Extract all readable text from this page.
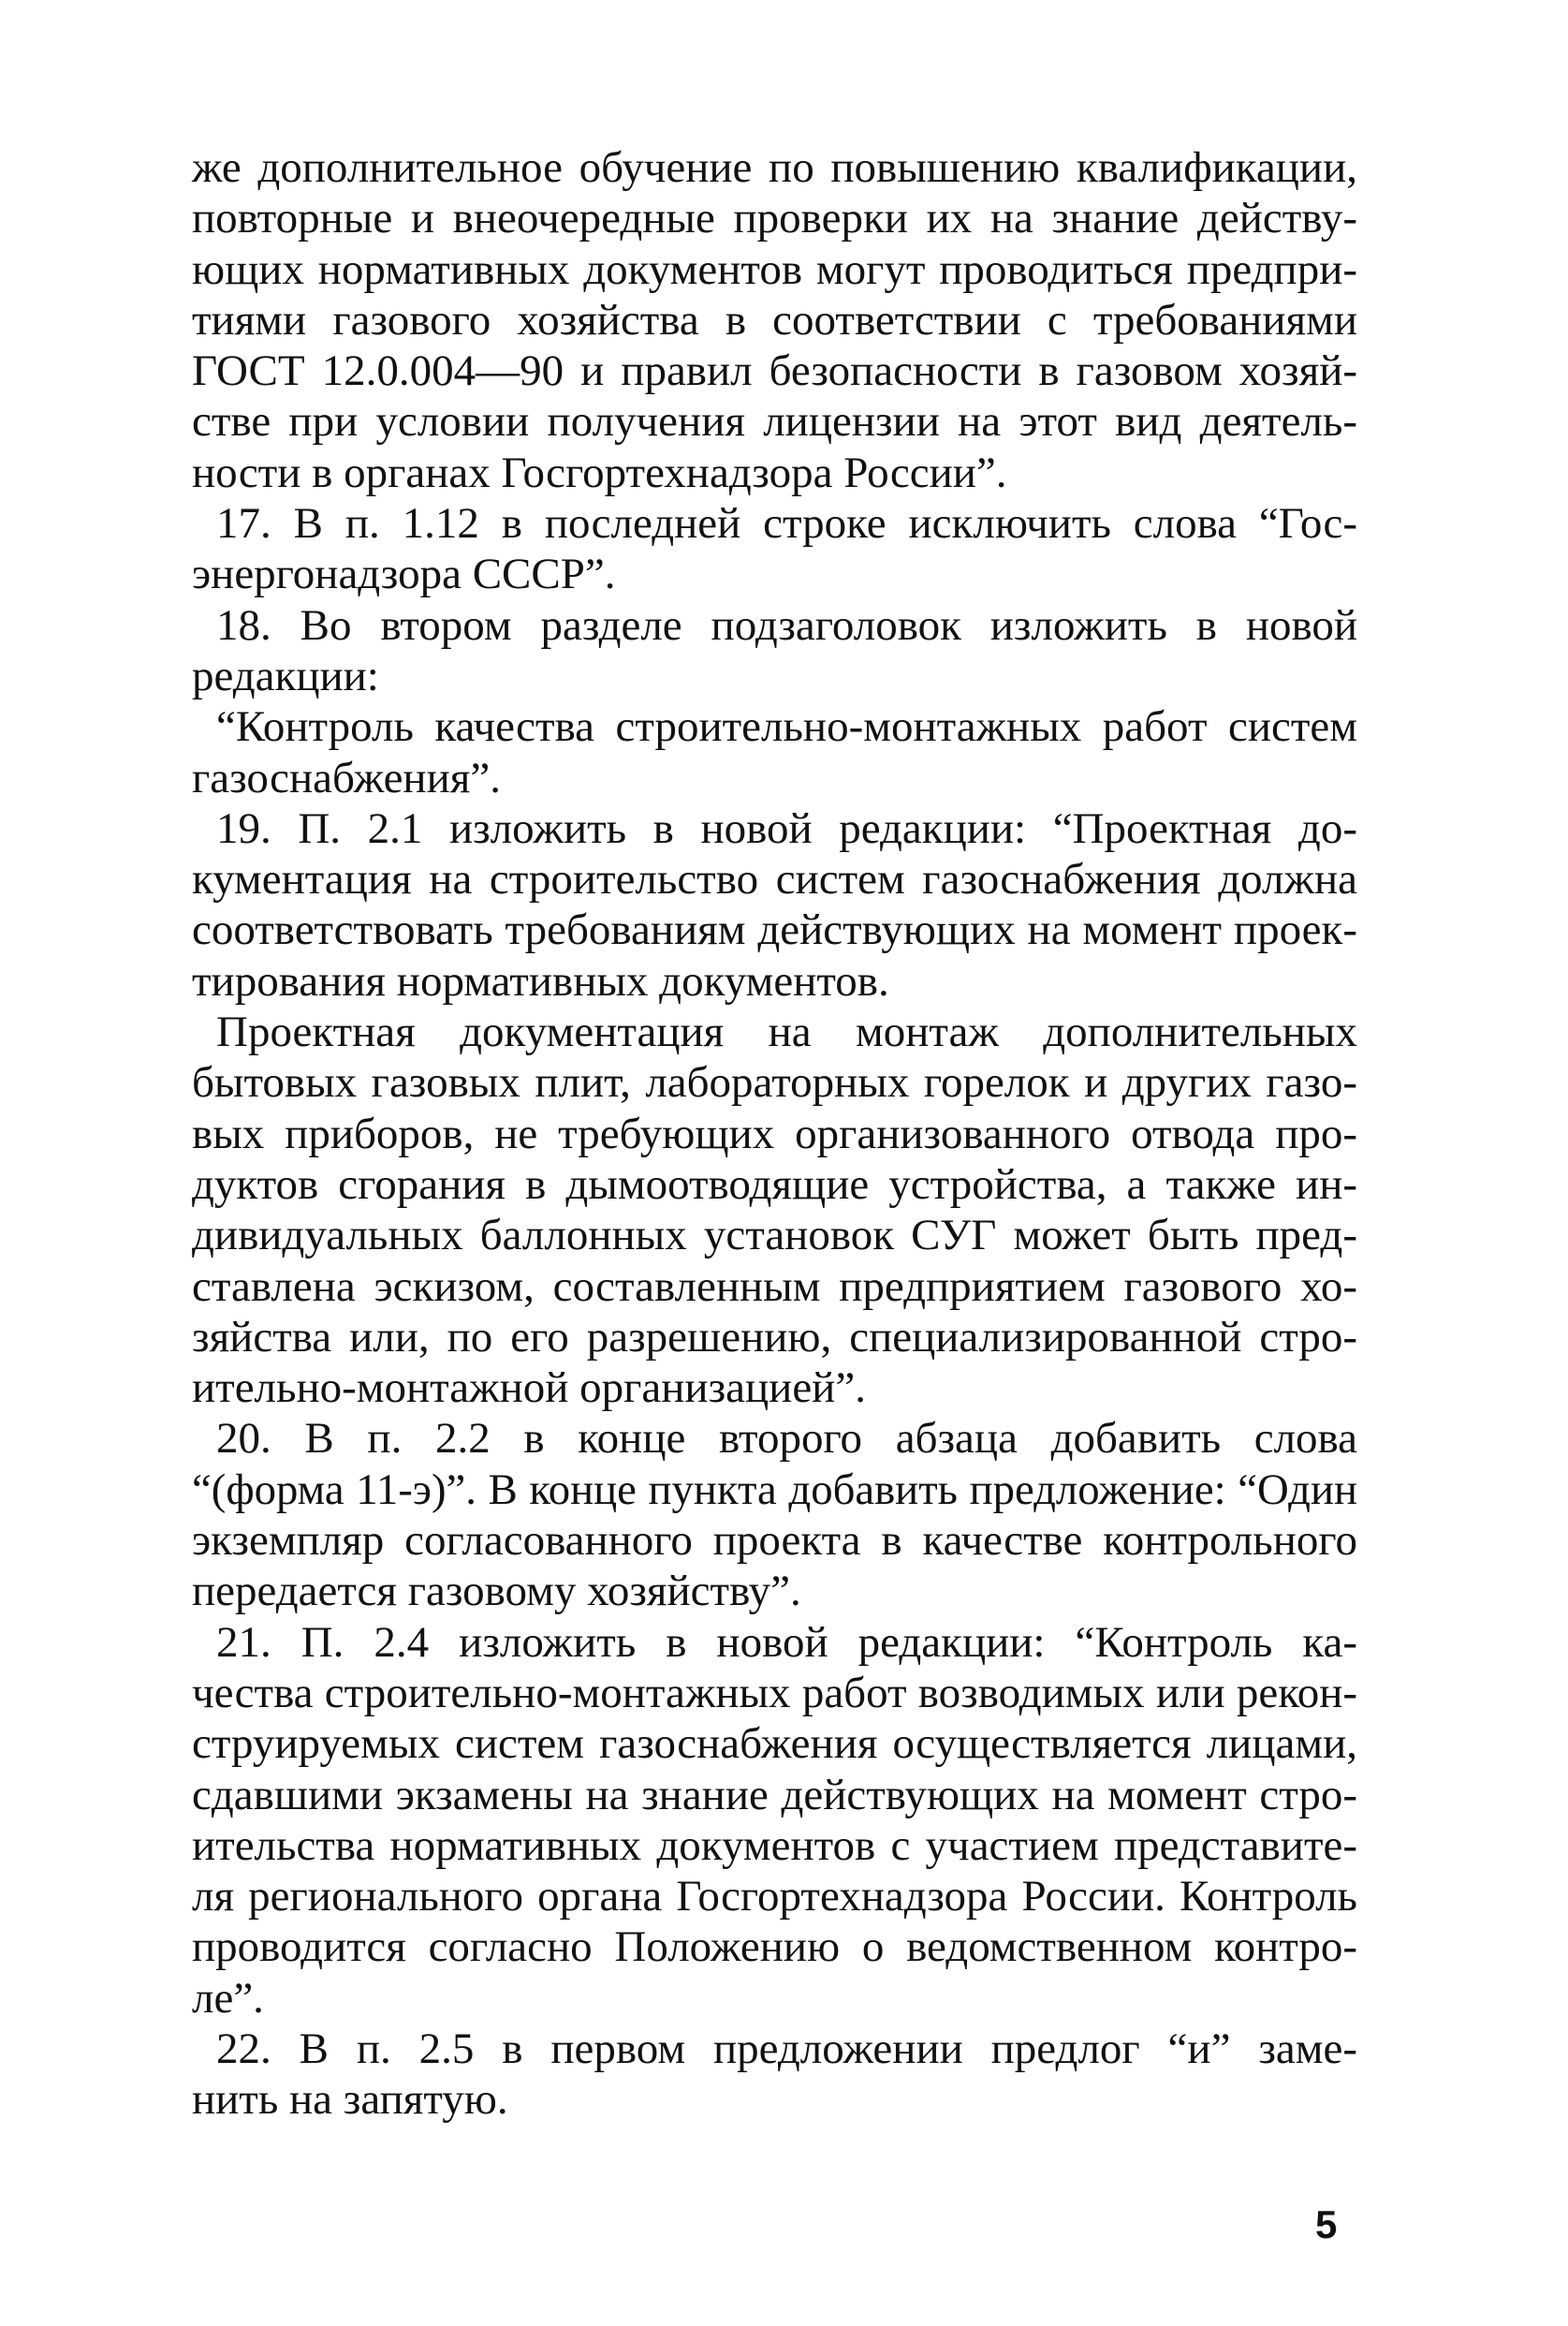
же дополнительное обучение по повышению квалификации,
повторные и внеочередные проверки их на знание действу-
ющих нормативных документов могут проводиться предпри-
тиями газового хозяйства в соответствии с требованиями
ГОСТ 12.0.004—90 и правил безопасности в газовом хозяй-
стве при условии получения лицензии на этот вид деятель-
ности в органах Госгортехнадзора России”.
17. В п. 1.12 в последней строке исключить слова “Гос-
энергонадзора СССР”.
18. Во втором разделе подзаголовок изложить в новой
редакции:
“Контроль качества строительно-монтажных работ систем
газоснабжения”.
19. П. 2.1 изложить в новой редакции: “Проектная до-
кументация на строительство систем газоснабжения должна
соответствовать требованиям действующих на момент проек-
тирования нормативных документов.
Проектная документация на монтаж дополнительных
бытовых газовых плит, лабораторных горелок и других газо-
вых приборов, не требующих организованного отвода про-
дуктов сгорания в дымоотводящие устройства, а также ин-
дивидуальных баллонных установок СУГ может быть пред-
ставлена эскизом, составленным предприятием газового хо-
зяйства или, по его разрешению, специализированной стро-
ительно-монтажной организацией”.
20. В п. 2.2 в конце второго абзаца добавить слова
“(форма 11-э)”. В конце пункта добавить предложение: “Один
экземпляр согласованного проекта в качестве контрольного
передается газовому хозяйству”.
21. П. 2.4 изложить в новой редакции: “Контроль ка-
чества строительно-монтажных работ возводимых или рекон-
струируемых систем газоснабжения осуществляется лицами,
сдавшими экзамены на знание действующих на момент стро-
ительства нормативных документов с участием представите-
ля регионального органа Госгортехнадзора России. Контроль
проводится согласно Положению о ведомственном контро-
ле”.
22. В п. 2.5 в первом предложении предлог “и” заме-
нить на запятую.
5
